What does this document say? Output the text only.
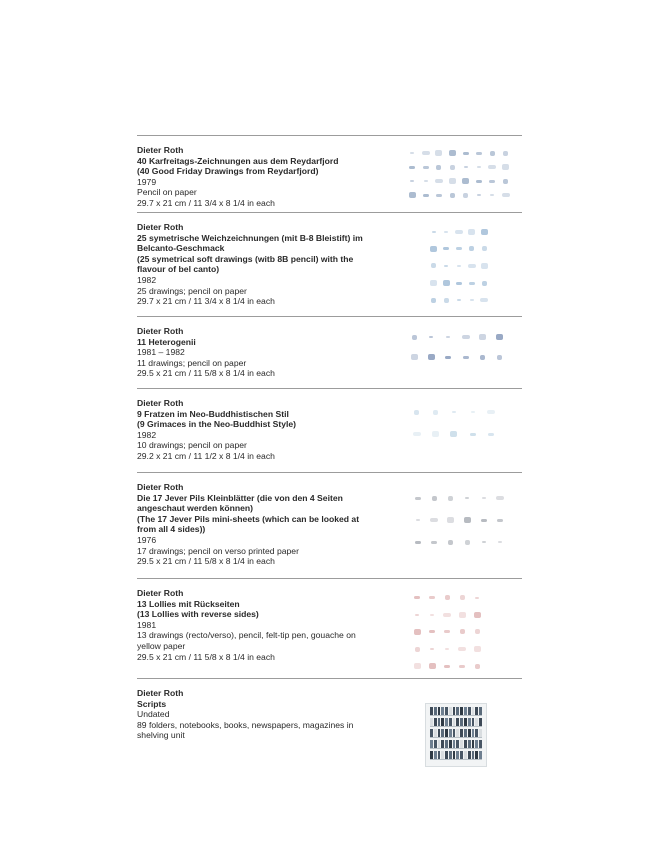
Dieter Roth
40 Karfreitags-Zeichnungen aus dem Reydarfjord
(40 Good Friday Drawings from Reydarfjord)
1979
Pencil on paper
29.7 x 21 cm / 11 3/4 x 8 1/4 in each
Dieter Roth
25 symetrische Weichzeichnungen (mit B-8 Bleistift) im
Belcanto-Geschmack
(25 symetrical soft drawings (witb 8B pencil) with the
flavour of bel canto)
1982
25 drawings; pencil on paper
29.7 x 21 cm / 11 3/4 x 8 1/4 in each
Dieter Roth
11 Heterogenii
1981 – 1982
11 drawings; pencil on paper
29.5 x 21 cm / 11 5/8 x 8 1/4 in each
Dieter Roth
9 Fratzen im Neo-Buddhistischen Stil
(9 Grimaces in the Neo-Buddhist Style)
1982
10 drawings; pencil on paper
29.2 x 21 cm / 11 1/2 x 8 1/4 in each
Dieter Roth
Die 17 Jever Pils Kleinblätter (die von den 4 Seiten
angeschaut werden können)
(The 17 Jever Pils mini-sheets (which can be looked at
from all 4 sides))
1976
17 drawings; pencil on verso printed paper
29.5 x 21 cm / 11 5/8 x 8 1/4 in each
Dieter Roth
13 Lollies mit Rückseiten
(13 Lollies with reverse sides)
1981
13 drawings (recto/verso), pencil, felt-tip pen, gouache on
yellow paper
29.5 x 21 cm / 11 5/8 x 8 1/4 in each
Dieter Roth
Scripts
Undated
89 folders, notebooks, books, newspapers, magazines in
shelving unit
